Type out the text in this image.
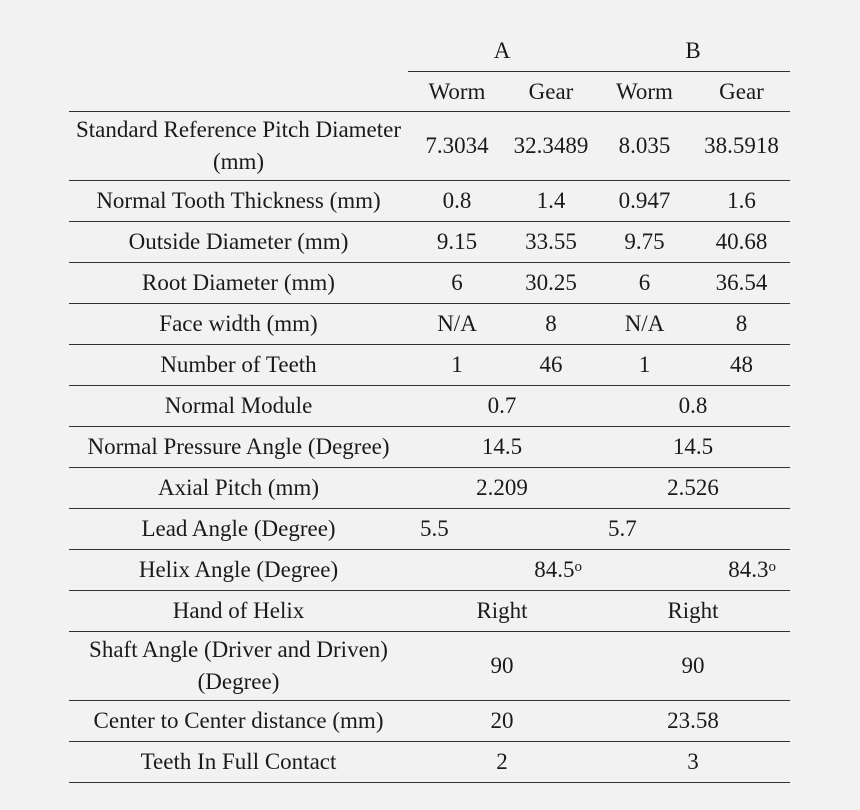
	A		B	
	Worm	Gear	Worm	Gear
Standard Reference Pitch Diameter (mm)	7.3034	32.3489	8.035	38.5918
Normal Tooth Thickness (mm)	0.8	1.4	0.947	1.6
Outside Diameter (mm)	9.15	33.55	9.75	40.68
Root Diameter (mm)	6	30.25	6	36.54
Face width (mm)	N/A	8	N/A	8
Number of Teeth	1	46	1	48
Normal Module	0.7		0.8	
Normal Pressure Angle (Degree)	14.5		14.5	
Axial Pitch (mm)	2.209		2.526	
Lead Angle (Degree)	5.5		5.7	
Helix Angle (Degree)	84.5$^o$		84.3$^o$
Hand of Helix	Right		Right	
Shaft Angle (Driver and Driven) (Degree)	90		90	
Center to Center distance (mm)	20		23.58	
Teeth In Full Contact	2		3	
